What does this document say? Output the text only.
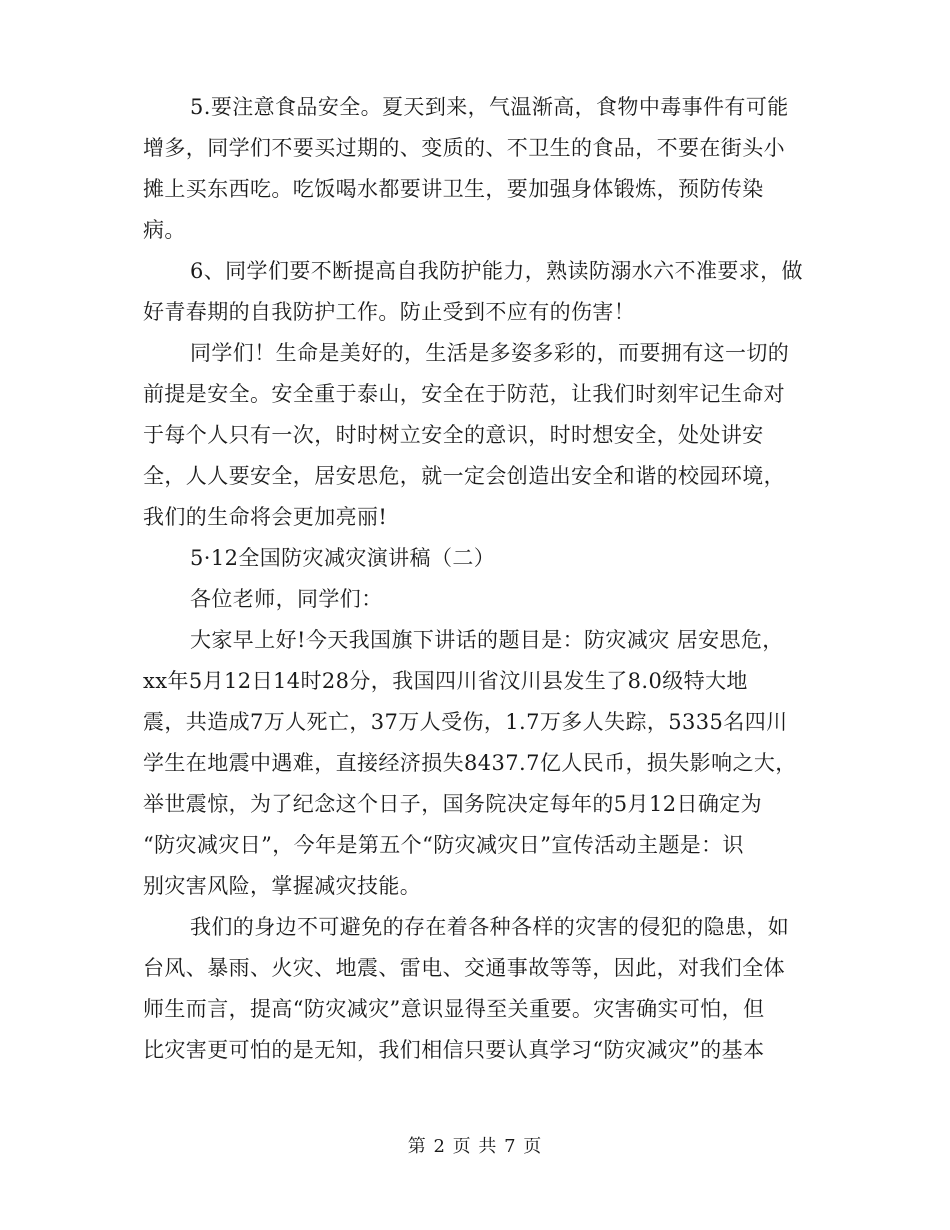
5.要注意食品安全。夏天到来，气温渐高，食物中毒事件有可能
增多，同学们不要买过期的、变质的、不卫生的食品，不要在街头小
摊上买东西吃。吃饭喝水都要讲卫生，要加强身体锻炼，预防传染
病。
6、同学们要不断提高自我防护能力，熟读防溺水六不准要求，做
好青春期的自我防护工作。防止受到不应有的伤害！
同学们！生命是美好的，生活是多姿多彩的，而要拥有这一切的
前提是安全。安全重于泰山，安全在于防范，让我们时刻牢记生命对
于每个人只有一次，时时树立安全的意识，时时想安全，处处讲安
全，人人要安全，居安思危，就一定会创造出安全和谐的校园环境，
我们的生命将会更加亮丽!
5·12全国防灾减灾演讲稿（二）
各位老师，同学们：
大家早上好!今天我国旗下讲话的题目是：防灾减灾 居安思危，
xx年5月12日14时28分，我国四川省汶川县发生了8.0级特大地
震，共造成7万人死亡，37万人受伤，1.7万多人失踪，5335名四川
学生在地震中遇难，直接经济损失8437.7亿人民币，损失影响之大，
举世震惊，为了纪念这个日子，国务院决定每年的5月12日确定为
“防灾减灾日”，今年是第五个“防灾减灾日”宣传活动主题是：识
别灾害风险，掌握减灾技能。
我们的身边不可避免的存在着各种各样的灾害的侵犯的隐患，如
台风、暴雨、火灾、地震、雷电、交通事故等等，因此，对我们全体
师生而言，提高“防灾减灾”意识显得至关重要。灾害确实可怕，但
比灾害更可怕的是无知，我们相信只要认真学习“防灾减灾”的基本
第 2 页 共 7 页
